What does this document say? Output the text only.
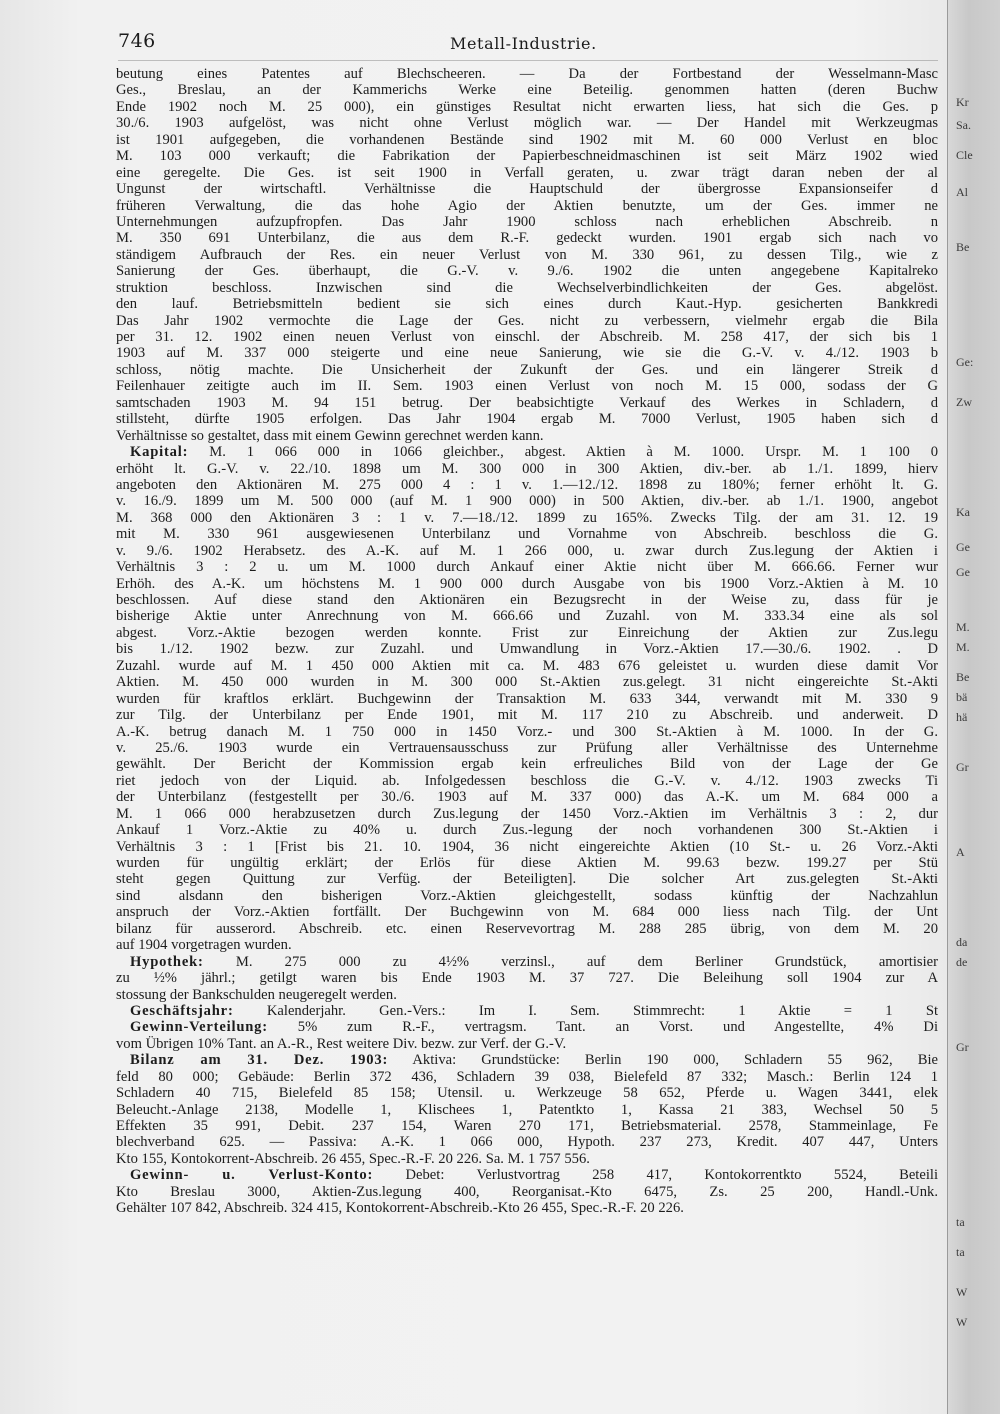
746	Metall-Industrie.
beutung eines Patentes auf Blechscheeren. — Da der Fortbestand der Wesselmann-Masc
Ges., Breslau, an der Kammerichs Werke eine Beteilig. genommen hatten (deren Buchw
Ende 1902 noch M. 25 000), ein günstiges Resultat nicht erwarten liess, hat sich die Ges. p
30./6. 1903 aufgelöst, was nicht ohne Verlust möglich war. — Der Handel mit Werkzeugmas
ist 1901 aufgegeben, die vorhandenen Bestände sind 1902 mit M. 60 000 Verlust en bloc
M. 103 000 verkauft; die Fabrikation der Papierbeschneidmaschinen ist seit März 1902 wied
eine geregelte. Die Ges. ist seit 1900 in Verfall geraten, u. zwar trägt daran neben der al
Ungunst der wirtschaftl. Verhältnisse die Hauptschuld der übergrosse Expansionseifer d
früheren Verwaltung, die das hohe Agio der Aktien benutzte, um der Ges. immer ne
Unternehmungen aufzupfropfen. Das Jahr 1900 schloss nach erheblichen Abschreib. n
M. 350 691 Unterbilanz, die aus dem R.-F. gedeckt wurden. 1901 ergab sich nach vo
ständigem Aufbrauch der Res. ein neuer Verlust von M. 330 961, zu dessen Tilg., wie z
Sanierung der Ges. überhaupt, die G.-V. v. 9./6. 1902 die unten angegebene Kapitalreko
struktion beschloss. Inzwischen sind die Wechselverbindlichkeiten der Ges. abgelöst.
den lauf. Betriebsmitteln bedient sie sich eines durch Kaut.-Hyp. gesicherten Bankkredi
Das Jahr 1902 vermochte die Lage der Ges. nicht zu verbessern, vielmehr ergab die Bila
per 31. 12. 1902 einen neuen Verlust von einschl. der Abschreib. M. 258 417, der sich bis 1
1903 auf M. 337 000 steigerte und eine neue Sanierung, wie sie die G.-V. v. 4./12. 1903 b
schloss, nötig machte. Die Unsicherheit der Zukunft der Ges. und ein längerer Streik d
Feilenhauer zeitigte auch im II. Sem. 1903 einen Verlust von noch M. 15 000, sodass der G
samtschaden 1903 M. 94 151 betrug. Der beabsichtigte Verkauf des Werkes in Schladern, d
stillsteht, dürfte 1905 erfolgen. Das Jahr 1904 ergab M. 7000 Verlust, 1905 haben sich d
Verhältnisse so gestaltet, dass mit einem Gewinn gerechnet werden kann.
Kapital: M. 1 066 000 in 1066 gleichber., abgest. Aktien à M. 1000. Urspr. M. 1 100 0
erhöht lt. G.-V. v. 22./10. 1898 um M. 300 000 in 300 Aktien, div.-ber. ab 1./1. 1899, hierv
angeboten den Aktionären M. 275 000 4 : 1 v. 1.—12./12. 1898 zu 180%; ferner erhöht lt. G.
v. 16./9. 1899 um M. 500 000 (auf M. 1 900 000) in 500 Aktien, div.-ber. ab 1./1. 1900, angebot
M. 368 000 den Aktionären 3 : 1 v. 7.—18./12. 1899 zu 165%. Zwecks Tilg. der am 31. 12. 19
mit M. 330 961 ausgewiesenen Unterbilanz und Vornahme von Abschreib. beschloss die G.
v. 9./6. 1902 Herabsetz. des A.-K. auf M. 1 266 000, u. zwar durch Zus.legung der Aktien i
Verhältnis 3 : 2 u. um M. 1000 durch Ankauf einer Aktie nicht über M. 666.66. Ferner wur
Erhöh. des A.-K. um höchstens M. 1 900 000 durch Ausgabe von bis 1900 Vorz.-Aktien à M. 10
beschlossen. Auf diese stand den Aktionären ein Bezugsrecht in der Weise zu, dass für je
bisherige Aktie unter Anrechnung von M. 666.66 und Zuzahl. von M. 333.34 eine als sol
abgest. Vorz.-Aktie bezogen werden konnte. Frist zur Einreichung der Aktien zur Zus.legu
bis 1./12. 1902 bezw. zur Zuzahl. und Umwandlung in Vorz.-Aktien 17.—30./6. 1902. . D
Zuzahl. wurde auf M. 1 450 000 Aktien mit ca. M. 483 676 geleistet u. wurden diese damit Vor
Aktien. M. 450 000 wurden in M. 300 000 St.-Aktien zus.gelegt. 31 nicht eingereichte St.-Akti
wurden für kraftlos erklärt. Buchgewinn der Transaktion M. 633 344, verwandt mit M. 330 9
zur Tilg. der Unterbilanz per Ende 1901, mit M. 117 210 zu Abschreib. und anderweit. D
A.-K. betrug danach M. 1 750 000 in 1450 Vorz.- und 300 St.-Aktien à M. 1000. In der G.
v. 25./6. 1903 wurde ein Vertrauensausschuss zur Prüfung aller Verhältnisse des Unternehme
gewählt. Der Bericht der Kommission ergab kein erfreuliches Bild von der Lage der Ge
riet jedoch von der Liquid. ab. Infolgedessen beschloss die G.-V. v. 4./12. 1903 zwecks Ti
der Unterbilanz (festgestellt per 30./6. 1903 auf M. 337 000) das A.-K. um M. 684 000 a
M. 1 066 000 herabzusetzen durch Zus.legung der 1450 Vorz.-Aktien im Verhältnis 3 : 2, dur
Ankauf 1 Vorz.-Aktie zu 40% u. durch Zus.-legung der noch vorhandenen 300 St.-Aktien i
Verhältnis 3 : 1 [Frist bis 21. 10. 1904, 36 nicht eingereichte Aktien (10 St.- u. 26 Vorz.-Akti
wurden für ungültig erklärt; der Erlös für diese Aktien M. 99.63 bezw. 199.27 per Stü
steht gegen Quittung zur Verfüg. der Beteiligten]. Die solcher Art zus.gelegten St.-Akti
sind alsdann den bisherigen Vorz.-Aktien gleichgestellt, sodass künftig der Nachzahlun
anspruch der Vorz.-Aktien fortfällt. Der Buchgewinn von M. 684 000 liess nach Tilg. der Unt
bilanz für ausserord. Abschreib. etc. einen Reservevortrag M. 288 285 übrig, von dem M. 20
auf 1904 vorgetragen wurden.
Hypothek: M. 275 000 zu 4½% verzinsl., auf dem Berliner Grundstück, amortisier
zu ½% jährl.; getilgt waren bis Ende 1903 M. 37 727. Die Beleihung soll 1904 zur A
stossung der Bankschulden neugeregelt werden.
Geschäftsjahr: Kalenderjahr. Gen.-Vers.: Im I. Sem. Stimmrecht: 1 Aktie = 1 St
Gewinn-Verteilung: 5% zum R.-F., vertragsm. Tant. an Vorst. und Angestellte, 4% Di
vom Übrigen 10% Tant. an A.-R., Rest weitere Div. bezw. zur Verf. der G.-V.
Bilanz am 31. Dez. 1903: Aktiva: Grundstücke: Berlin 190 000, Schladern 55 962, Bie
feld 80 000; Gebäude: Berlin 372 436, Schladern 39 038, Bielefeld 87 332; Masch.: Berlin 124 1
Schladern 40 715, Bielefeld 85 158; Utensil. u. Werkzeuge 58 652, Pferde u. Wagen 3441, elek
Beleucht.-Anlage 2138, Modelle 1, Klischees 1, Patentkto 1, Kassa 21 383, Wechsel 50 5
Effekten 35 991, Debit. 237 154, Waren 270 171, Betriebsmaterial. 2578, Stammeinlage, Fe
blechverband 625. — Passiva: A.-K. 1 066 000, Hypoth. 237 273, Kredit. 407 447, Unters
Kto 155, Kontokorrent-Abschreib. 26 455, Spec.-R.-F. 20 226. Sa. M. 1 757 556.
Gewinn- u. Verlust-Konto: Debet: Verlustvortrag 258 417, Kontokorrentkto 5524, Beteili
Kto Breslau 3000, Aktien-Zus.legung 400, Reorganisat.-Kto 6475, Zs. 25 200, Handl.-Unk.
Gehälter 107 842, Abschreib. 324 415, Kontokorrent-Abschreib.-Kto 26 455, Spec.-R.-F. 20 226.
Kr
Sa.
Cle
Al
Be
Ge:
Zw
Ka
Ge
Ge
M.
M.
Be
bä
hä
Gr
A
da
de
Gr
ta
ta
W
W
